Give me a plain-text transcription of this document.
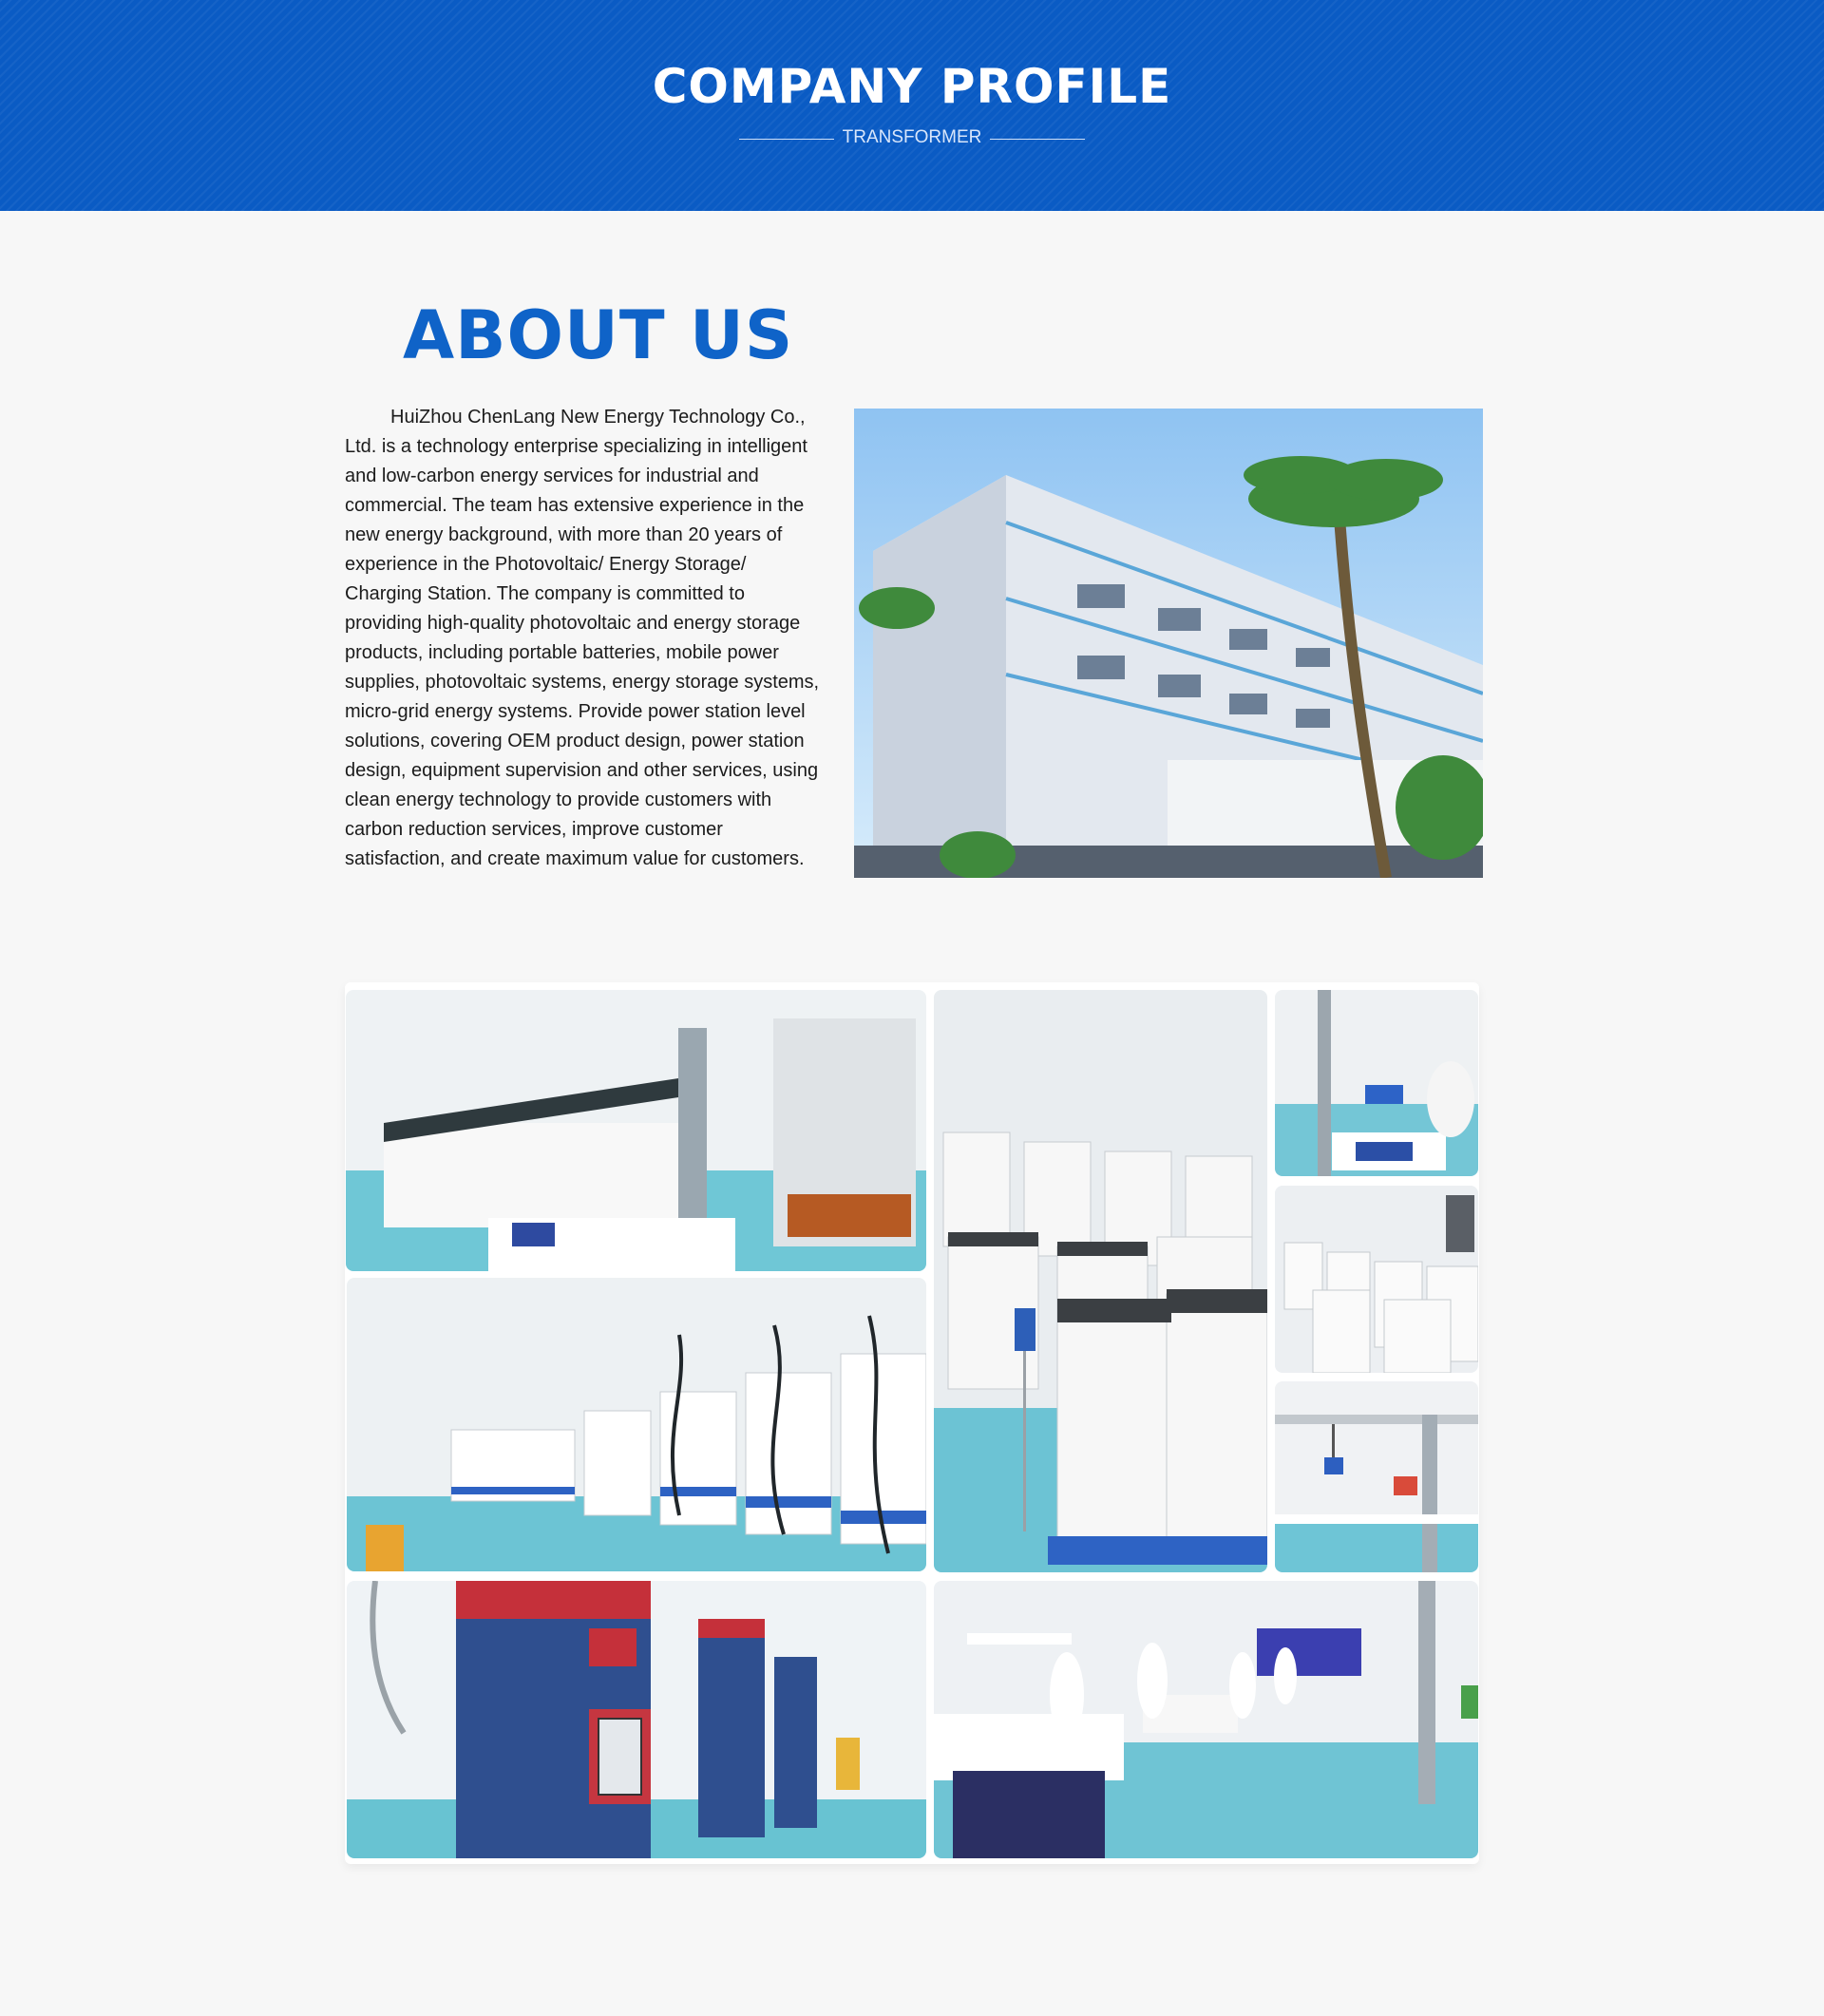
COMPANY PROFILE
TRANSFORMER
ABOUT US

HuiZhou ChenLang New Energy Technology Co., Ltd. is a technology enterprise specializing in intelligent and low-carbon energy services for industrial and commercial. The team has extensive experience in the new energy background, with more than 20 years of experience in the Photovoltaic/ Energy Storage/ Charging Station. The company is committed to providing high-quality photovoltaic and energy storage products, including portable batteries, mobile power supplies, photovoltaic systems, energy storage systems, micro-grid energy systems. Provide power station level solutions, covering OEM product design, power station design, equipment supervision and other services, using clean energy technology to provide customers with carbon reduction services, improve customer satisfaction, and create maximum value for customers.
